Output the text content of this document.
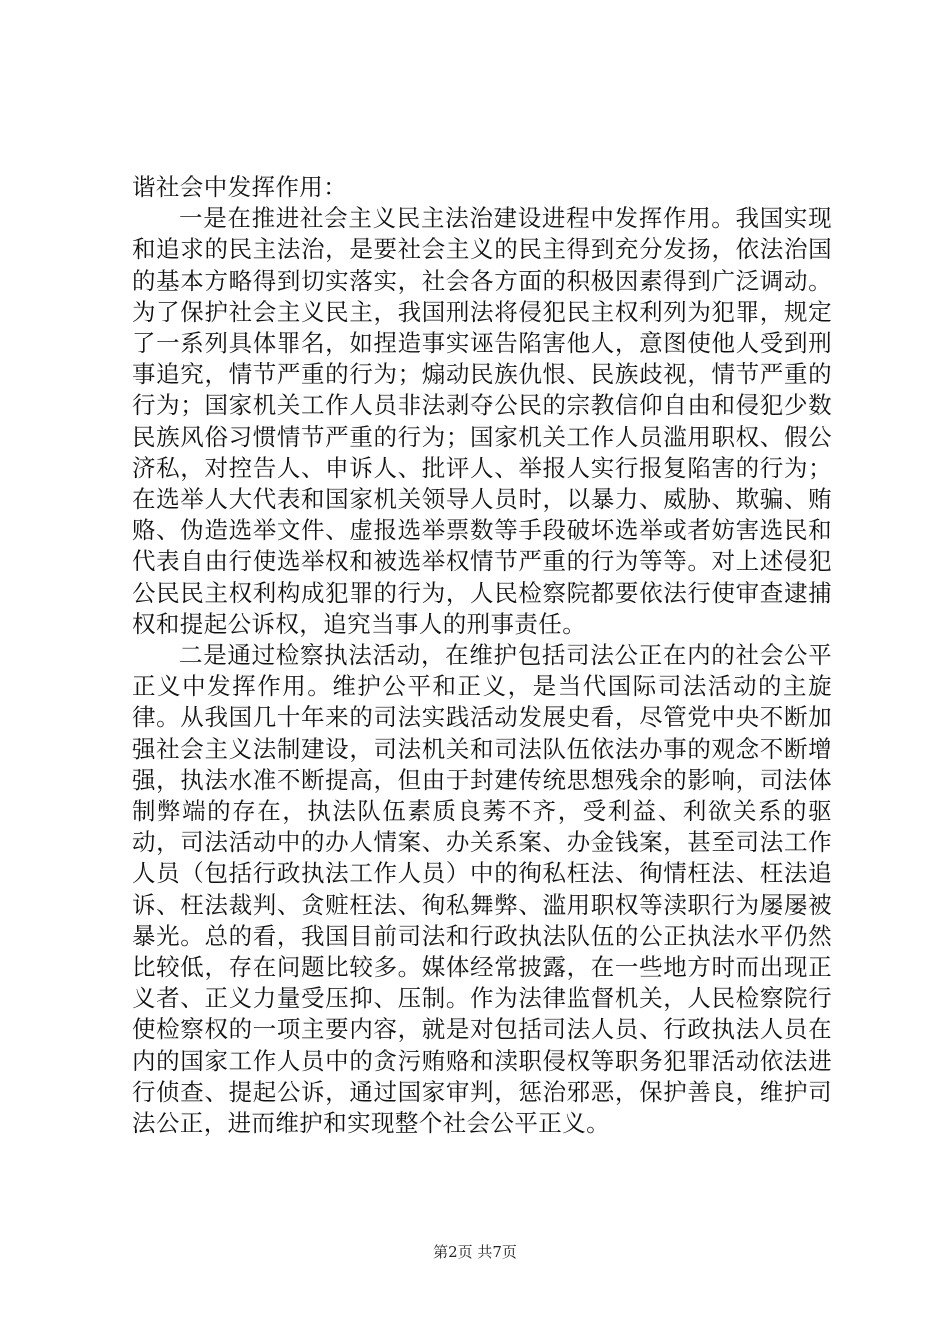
谐社会中发挥作用：

一是在推进社会主义民主法治建设进程中发挥作用。我国实现和追求的民主法治，是要社会主义的民主得到充分发扬，依法治国的基本方略得到切实落实，社会各方面的积极因素得到广泛调动。为了保护社会主义民主，我国刑法将侵犯民主权利列为犯罪，规定了一系列具体罪名，如捏造事实诬告陷害他人，意图使他人受到刑事追究，情节严重的行为；煽动民族仇恨、民族歧视，情节严重的行为；国家机关工作人员非法剥夺公民的宗教信仰自由和侵犯少数民族风俗习惯情节严重的行为；国家机关工作人员滥用职权、假公济私，对控告人、申诉人、批评人、举报人实行报复陷害的行为；在选举人大代表和国家机关领导人员时，以暴力、威胁、欺骗、贿赂、伪造选举文件、虚报选举票数等手段破坏选举或者妨害选民和代表自由行使选举权和被选举权情节严重的行为等等。对上述侵犯公民民主权利构成犯罪的行为，人民检察院都要依法行使审查逮捕权和提起公诉权，追究当事人的刑事责任。

二是通过检察执法活动，在维护包括司法公正在内的社会公平正义中发挥作用。维护公平和正义，是当代国际司法活动的主旋律。从我国几十年来的司法实践活动发展史看，尽管党中央不断加强社会主义法制建设，司法机关和司法队伍依法办事的观念不断增强，执法水准不断提高，但由于封建传统思想残余的影响，司法体制弊端的存在，执法队伍素质良莠不齐，受利益、利欲关系的驱动，司法活动中的办人情案、办关系案、办金钱案，甚至司法工作人员（包括行政执法工作人员）中的徇私枉法、徇情枉法、枉法追诉、枉法裁判、贪赃枉法、徇私舞弊、滥用职权等渎职行为屡屡被暴光。总的看，我国目前司法和行政执法队伍的公正执法水平仍然比较低，存在问题比较多。媒体经常披露，在一些地方时而出现正义者、正义力量受压抑、压制。作为法律监督机关，人民检察院行使检察权的一项主要内容，就是对包括司法人员、行政执法人员在内的国家工作人员中的贪污贿赂和渎职侵权等职务犯罪活动依法进行侦查、提起公诉，通过国家审判，惩治邪恶，保护善良，维护司法公正，进而维护和实现整个社会公平正义。

第2页 共7页
